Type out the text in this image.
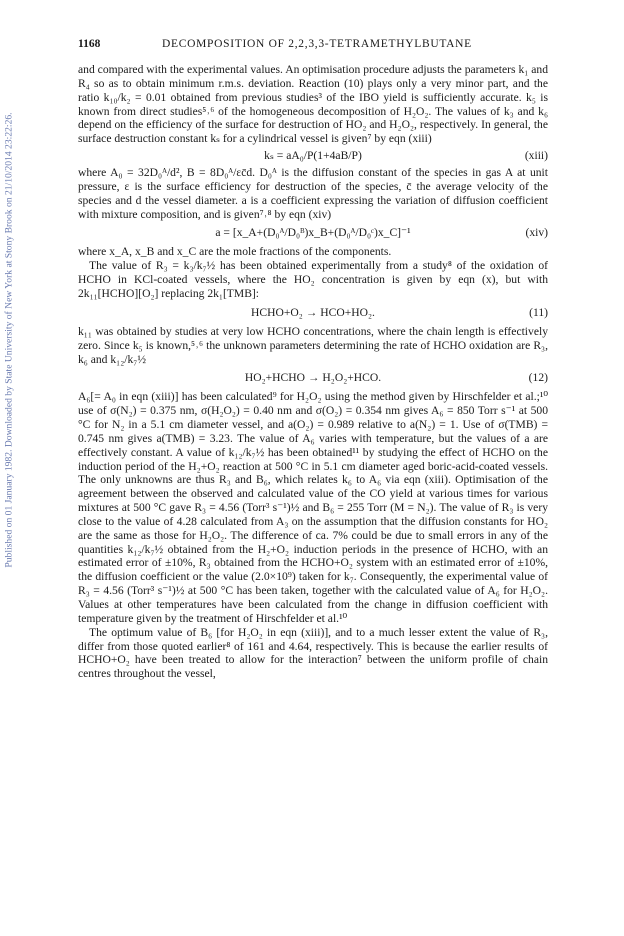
Published on 01 January 1982. Downloaded by State University of New York at Stony Brook on 21/10/2014 23:22:26.
1168	DECOMPOSITION OF 2,2,3,3-TETRAMETHYLBUTANE

and compared with the experimental values. An optimisation procedure adjusts the parameters k₁ and R₄ so as to obtain minimum r.m.s. deviation. Reaction (10) plays only a very minor part, and the ratio k₁₀/k₂ = 0.01 obtained from previous studies³ of the IBO yield is sufficiently accurate. k₅ is known from direct studies⁵˒⁶ of the homogeneous decomposition of H₂O₂. The values of k₃ and k₆ depend on the efficiency of the surface for destruction of HO₂ and H₂O₂, respectively. In general, the surface destruction constant kₛ for a cylindrical vessel is given⁷ by eqn (xiii)

kₛ = aA₀/P(1+4aB/P)	(xiii)

where A₀ = 32D₀ᴬ/d², B = 8D₀ᴬ/εc̄d. D₀ᴬ is the diffusion constant of the species in gas A at unit pressure, ε is the surface efficiency for destruction of the species, c̄ the average velocity of the species and d the vessel diameter. a is a coefficient expressing the variation of diffusion coefficient with mixture composition, and is given⁷˒⁸ by eqn (xiv)

a = [x_A+(D₀ᴬ/D₀ᴮ)x_B+(D₀ᴬ/D₀ᶜ)x_C]⁻¹	(xiv)

where x_A, x_B and x_C are the mole fractions of the components.

The value of R₃ = k₃/k₇½ has been obtained experimentally from a study⁸ of the oxidation of HCHO in KCl-coated vessels, where the HO₂ concentration is given by eqn (x), but with 2k₁₁[HCHO][O₂] replacing 2k₁[TMB]:

HCHO+O₂ → HCO+HO₂.	(11)

k₁₁ was obtained by studies at very low HCHO concentrations, where the chain length is effectively zero. Since k₅ is known,⁵˒⁶ the unknown parameters determining the rate of HCHO oxidation are R₃, k₆ and k₁₂/k₇½

HO₂+HCHO → H₂O₂+HCO.	(12)

A₆[= A₀ in eqn (xiii)] has been calculated⁹ for H₂O₂ using the method given by Hirschfelder et al.;¹⁰ use of σ(N₂) = 0.375 nm, σ(H₂O₂) = 0.40 nm and σ(O₂) = 0.354 nm gives A₆ = 850 Torr s⁻¹ at 500 °C for N₂ in a 5.1 cm diameter vessel, and a(O₂) = 0.989 relative to a(N₂) = 1. Use of σ(TMB) = 0.745 nm gives a(TMB) = 3.23. The value of A₆ varies with temperature, but the values of a are effectively constant. A value of k₁₂/k₇½ has been obtained¹¹ by studying the effect of HCHO on the induction period of the H₂+O₂ reaction at 500 °C in 5.1 cm diameter aged boric-acid-coated vessels. The only unknowns are thus R₃ and B₆, which relates k₆ to A₆ via eqn (xiii). Optimisation of the agreement between the observed and calculated value of the CO yield at various times for various mixtures at 500 °C gave R₃ = 4.56 (Torr³ s⁻¹)½ and B₆ = 255 Torr (M = N₂). The value of R₃ is very close to the value of 4.28 calculated from A₃ on the assumption that the diffusion constants for HO₂ are the same as those for H₂O₂. The difference of ca. 7% could be due to small errors in any of the quantities k₁₂/k₇½ obtained from the H₂+O₂ induction periods in the presence of HCHO, with an estimated error of ±10%, R₃ obtained from the HCHO+O₂ system with an estimated error of ±10%, the diffusion coefficient or the value (2.0×10⁹) taken for k₇. Consequently, the experimental value of R₃ = 4.56 (Torr³ s⁻¹)½ at 500 °C has been taken, together with the calculated value of A₆ for H₂O₂. Values at other temperatures have been calculated from the change in diffusion coefficient with temperature given by the treatment of Hirschfelder et al.¹⁰

The optimum value of B₆ [for H₂O₂ in eqn (xiii)], and to a much lesser extent the value of R₃, differ from those quoted earlier⁸ of 161 and 4.64, respectively. This is because the earlier results of HCHO+O₂ have been treated to allow for the interaction⁷ between the uniform profile of chain centres throughout the vessel,
